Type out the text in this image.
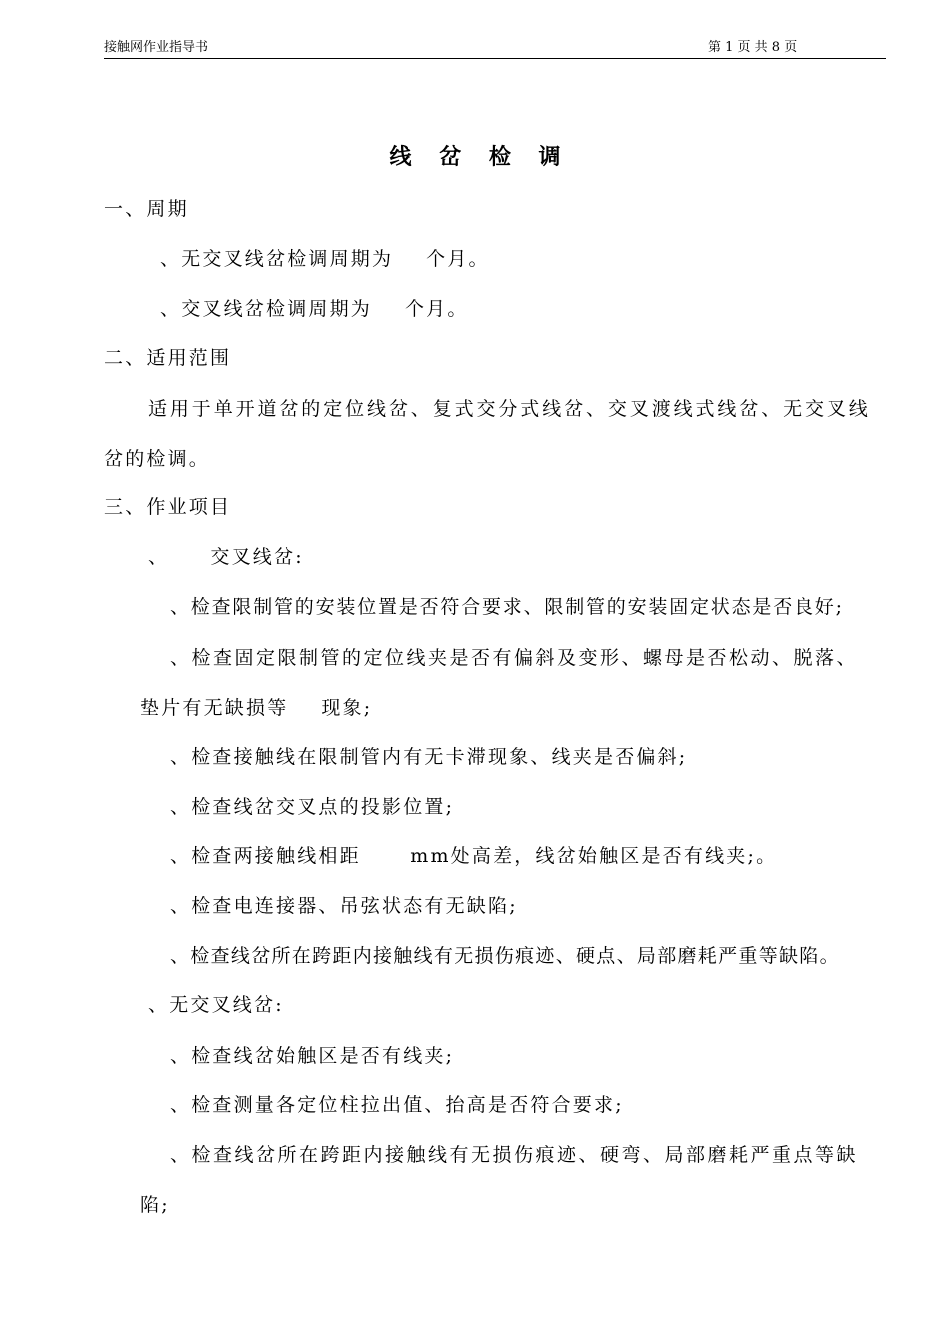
接触网作业指导书	第 1 页 共 8 页
线 岔 检 调
一、周期
、无交叉线岔检调周期为    个月。
、交叉线岔检调周期为    个月。
二、适用范围
适用于单开道岔的定位线岔、复式交分式线岔、交叉渡线式线岔、无交叉线
岔的检调。
三、作业项目
、     交叉线岔:
、检查限制管的安装位置是否符合要求、限制管的安装固定状态是否良好;
、检查固定限制管的定位线夹是否有偏斜及变形、螺母是否松动、脱落、
垫片有无缺损等    现象;
、检查接触线在限制管内有无卡滞现象、线夹是否偏斜;
、检查线岔交叉点的投影位置;
、检查两接触线相距      mm处高差，线岔始触区是否有线夹;。
、检查电连接器、吊弦状态有无缺陷;
、检查线岔所在跨距内接触线有无损伤痕迹、硬点、局部磨耗严重等缺陷。
、无交叉线岔:
、检查线岔始触区是否有线夹;
、检查测量各定位柱拉出值、抬高是否符合要求;
、检查线岔所在跨距内接触线有无损伤痕迹、硬弯、局部磨耗严重点等缺
陷;
